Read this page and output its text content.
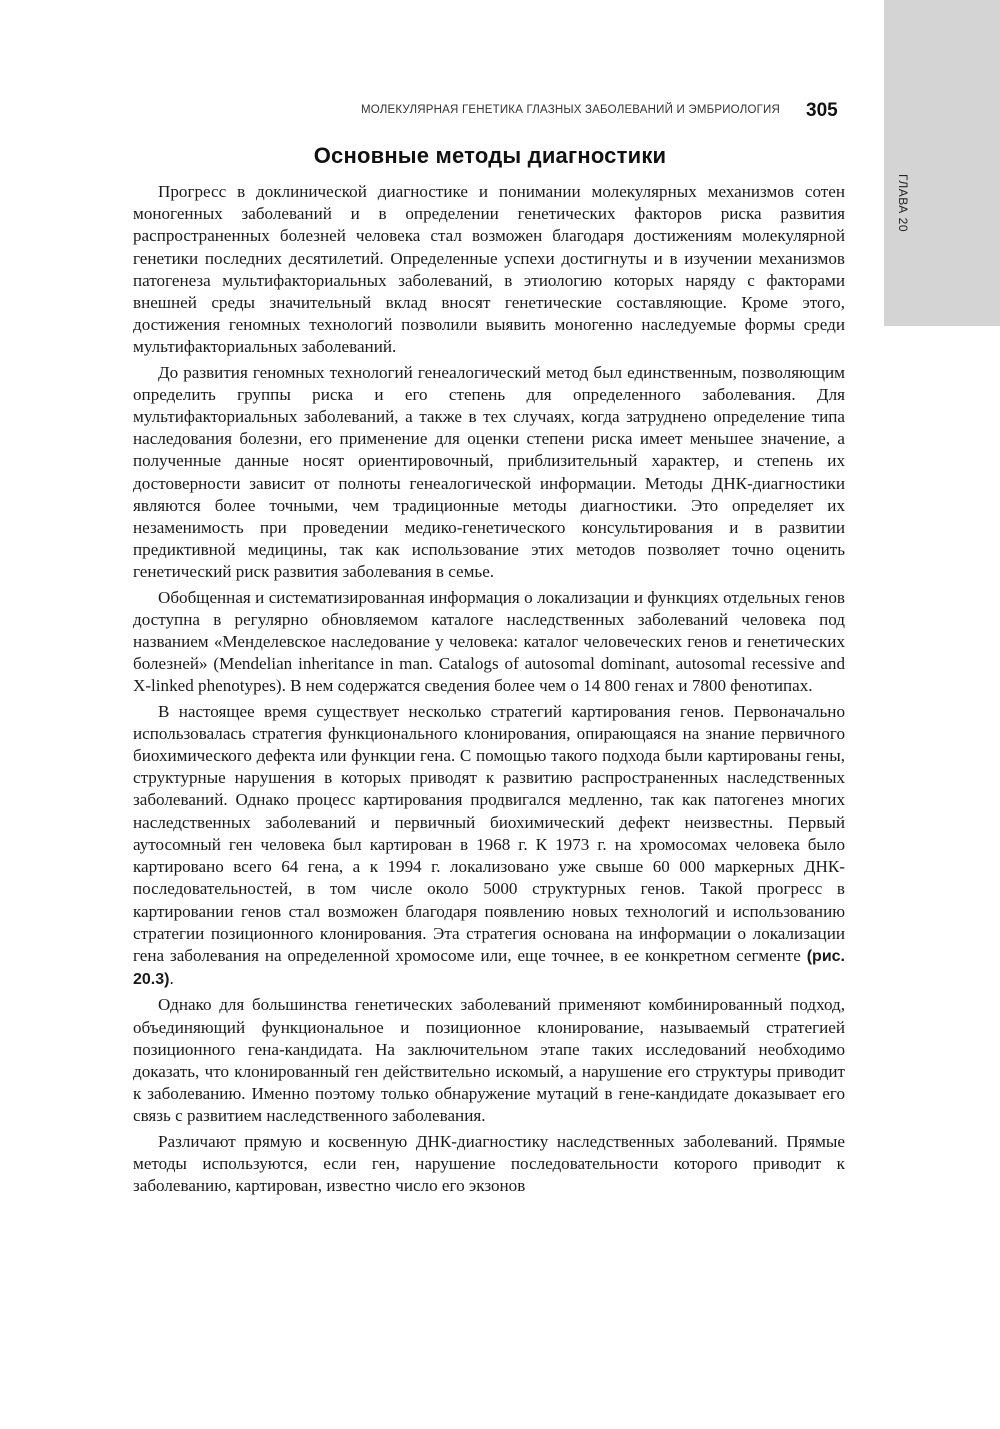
ГЛАВА 20
МОЛЕКУЛЯРНАЯ ГЕНЕТИКА ГЛАЗНЫХ ЗАБОЛЕВАНИЙ И ЭМБРИОЛОГИЯ 305
Основные методы диагностики

Прогресс в доклинической диагностике и понимании молекулярных механизмов сотен моногенных заболеваний и в определении генетических факторов риска развития распространенных болезней человека стал возможен благодаря достижениям молекулярной генетики последних десятилетий. Определенные успехи достигнуты и в изучении механизмов патогенеза мультифакториальных заболеваний, в этиологию которых наряду с факторами внешней среды значительный вклад вносят генетические составляющие. Кроме этого, достижения геномных технологий позволили выявить моногенно наследуемые формы среди мультифакториальных заболеваний.

До развития геномных технологий генеалогический метод был единственным, позволяющим определить группы риска и его степень для определенного заболевания. Для мультифакториальных заболеваний, а также в тех случаях, когда затруднено определение типа наследования болезни, его применение для оценки степени риска имеет меньшее значение, а полученные данные носят ориентировочный, приблизительный характер, и степень их достоверности зависит от полноты генеалогической информации. Методы ДНК-диагностики являются более точными, чем традиционные методы диагностики. Это определяет их незаменимость при проведении медико-генетического консультирования и в развитии предиктивной медицины, так как использование этих методов позволяет точно оценить генетический риск развития заболевания в семье.

Обобщенная и систематизированная информация о локализации и функциях отдельных генов доступна в регулярно обновляемом каталоге наследственных заболеваний человека под названием «Менделевское наследование у человека: каталог человеческих генов и генетических болезней» (Mendelian inheritance in man. Catalogs of autosomal dominant, autosomal recessive and X-linked phenotypes). В нем содержатся сведения более чем о 14 800 генах и 7800 фенотипах.

В настоящее время существует несколько стратегий картирования генов. Первоначально использовалась стратегия функционального клонирования, опирающаяся на знание первичного биохимического дефекта или функции гена. С помощью такого подхода были картированы гены, структурные нарушения в которых приводят к развитию распространенных наследственных заболеваний. Однако процесс картирования продвигался медленно, так как патогенез многих наследственных заболеваний и первичный биохимический дефект неизвестны. Первый аутосомный ген человека был картирован в 1968 г. К 1973 г. на хромосомах человека было картировано всего 64 гена, а к 1994 г. локализовано уже свыше 60 000 маркерных ДНК-последовательностей, в том числе около 5000 структурных генов. Такой прогресс в картировании генов стал возможен благодаря появлению новых технологий и использованию стратегии позиционного клонирования. Эта стратегия основана на информации о локализации гена заболевания на определенной хромосоме или, еще точнее, в ее конкретном сегменте (рис. 20.3).

Однако для большинства генетических заболеваний применяют комбинированный подход, объединяющий функциональное и позиционное клонирование, называемый стратегией позиционного гена-кандидата. На заключительном этапе таких исследований необходимо доказать, что клонированный ген действительно искомый, а нарушение его структуры приводит к заболеванию. Именно поэтому только обнаружение мутаций в гене-кандидате доказывает его связь с развитием наследственного заболевания.

Различают прямую и косвенную ДНК-диагностику наследственных заболеваний. Прямые методы используются, если ген, нарушение последовательности которого приводит к заболеванию, картирован, известно число его экзонов
